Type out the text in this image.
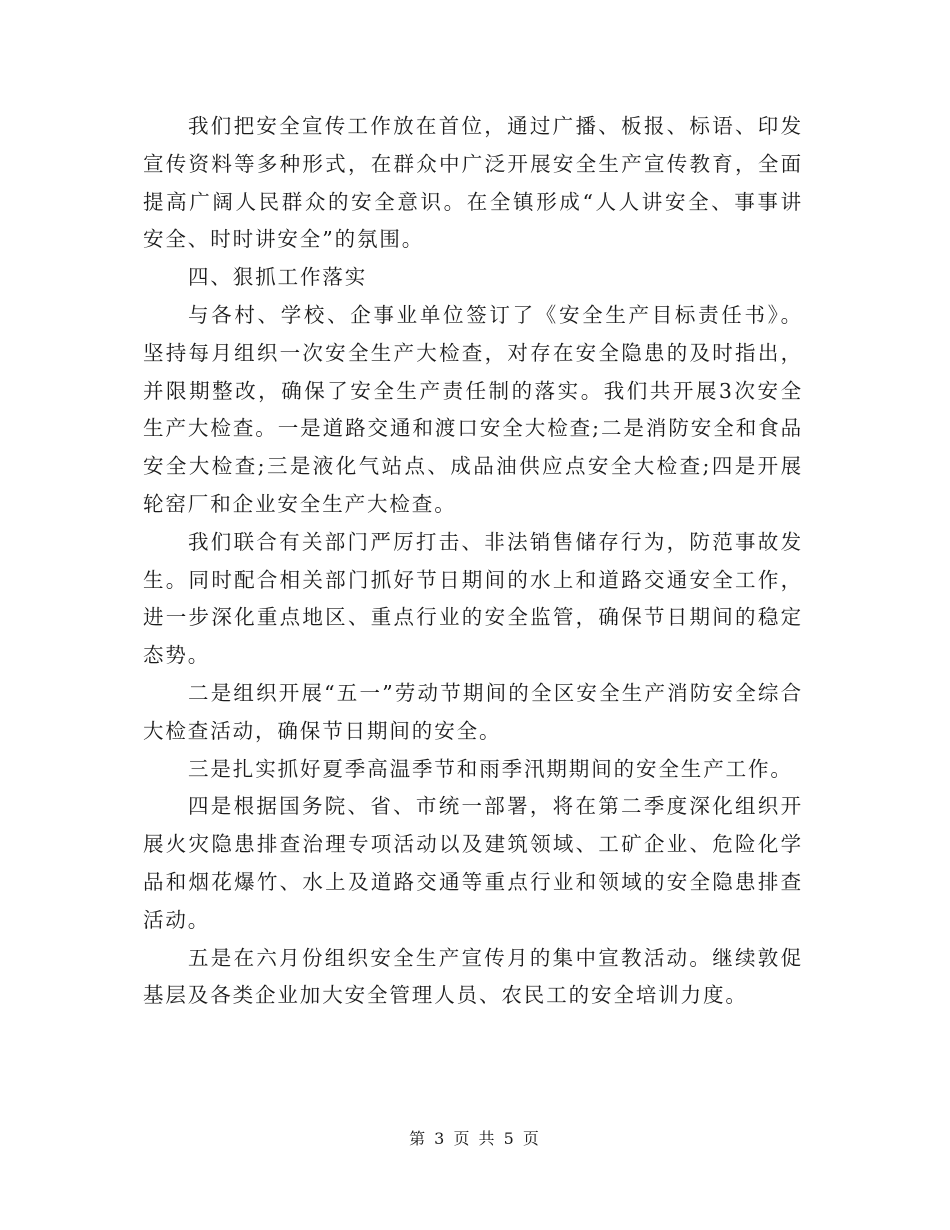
我们把安全宣传工作放在首位，通过广播、板报、标语、印发宣传资料等多种形式，在群众中广泛开展安全生产宣传教育，全面提高广阔人民群众的安全意识。在全镇形成“人人讲安全、事事讲安全、时时讲安全”的氛围。

四、狠抓工作落实

与各村、学校、企事业单位签订了《安全生产目标责任书》。坚持每月组织一次安全生产大检查，对存在安全隐患的及时指出，并限期整改，确保了安全生产责任制的落实。我们共开展3次安全生产大检查。一是道路交通和渡口安全大检查;二是消防安全和食品安全大检查;三是液化气站点、成品油供应点安全大检查;四是开展轮窑厂和企业安全生产大检查。

我们联合有关部门严厉打击、非法销售储存行为，防范事故发生。同时配合相关部门抓好节日期间的水上和道路交通安全工作，进一步深化重点地区、重点行业的安全监管，确保节日期间的稳定态势。

二是组织开展“五一”劳动节期间的全区安全生产消防安全综合大检查活动，确保节日期间的安全。

三是扎实抓好夏季高温季节和雨季汛期期间的安全生产工作。

四是根据国务院、省、市统一部署，将在第二季度深化组织开展火灾隐患排查治理专项活动以及建筑领域、工矿企业、危险化学品和烟花爆竹、水上及道路交通等重点行业和领域的安全隐患排查活动。

五是在六月份组织安全生产宣传月的集中宣教活动。继续敦促基层及各类企业加大安全管理人员、农民工的安全培训力度。

第 3 页 共 5 页
